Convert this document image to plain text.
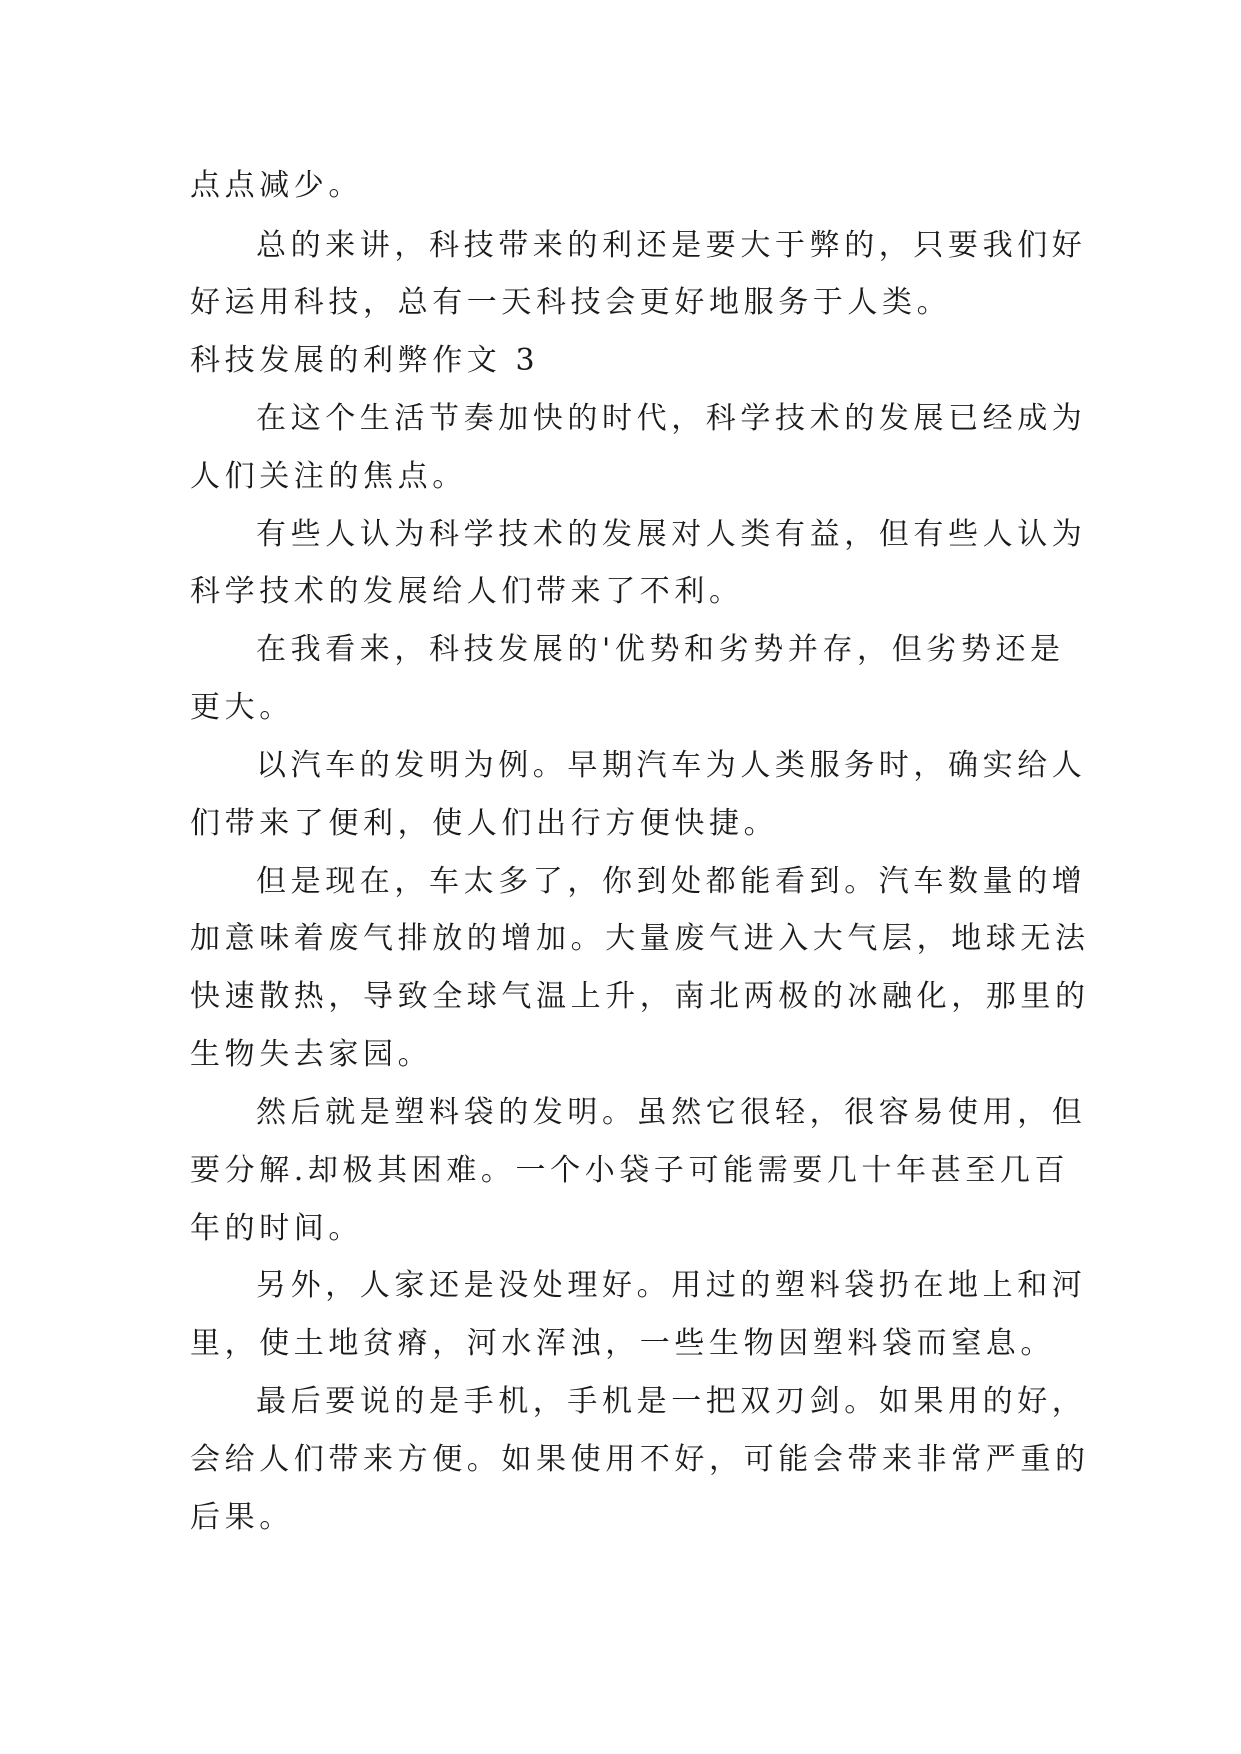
点点减少。
总的来讲，科技带来的利还是要大于弊的，只要我们好
好运用科技，总有一天科技会更好地服务于人类。
科技发展的利弊作文 3
在这个生活节奏加快的时代，科学技术的发展已经成为
人们关注的焦点。
有些人认为科学技术的发展对人类有益，但有些人认为
科学技术的发展给人们带来了不利。
在我看来，科技发展的'优势和劣势并存，但劣势还是
更大。
以汽车的发明为例。早期汽车为人类服务时，确实给人
们带来了便利，使人们出行方便快捷。
但是现在，车太多了，你到处都能看到。汽车数量的增
加意味着废气排放的增加。大量废气进入大气层，地球无法
快速散热，导致全球气温上升，南北两极的冰融化，那里的
生物失去家园。
然后就是塑料袋的发明。虽然它很轻，很容易使用，但
要分解.却极其困难。一个小袋子可能需要几十年甚至几百
年的时间。
另外，人家还是没处理好。用过的塑料袋扔在地上和河
里，使土地贫瘠，河水浑浊，一些生物因塑料袋而窒息。
最后要说的是手机，手机是一把双刃剑。如果用的好，
会给人们带来方便。如果使用不好，可能会带来非常严重的
后果。
